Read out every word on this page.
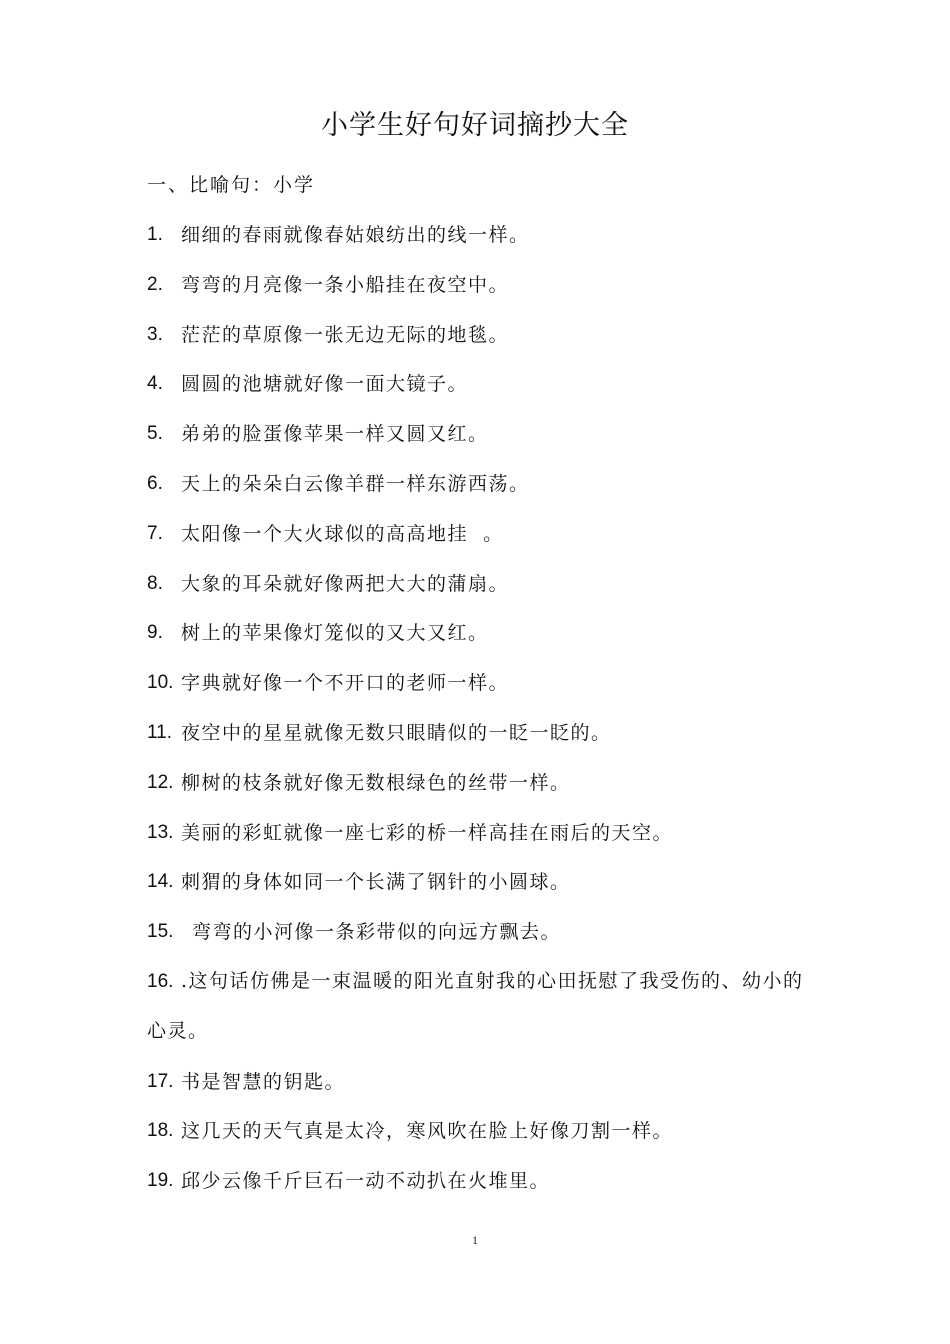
小学生好句好词摘抄大全
一、比喻句：小学
1. 细细的春雨就像春姑娘纺出的线一样。
2. 弯弯的月亮像一条小船挂在夜空中。
3. 茫茫的草原像一张无边无际的地毯。
4. 圆圆的池塘就好像一面大镜子。
5. 弟弟的脸蛋像苹果一样又圆又红。
6. 天上的朵朵白云像羊群一样东游西荡。
7. 太阳像一个大火球似的高高地挂  。
8. 大象的耳朵就好像两把大大的蒲扇。
9. 树上的苹果像灯笼似的又大又红。
10. 字典就好像一个不开口的老师一样。
11. 夜空中的星星就像无数只眼睛似的一眨一眨的。
12. 柳树的枝条就好像无数根绿色的丝带一样。
13. 美丽的彩虹就像一座七彩的桥一样高挂在雨后的天空。
14. 刺猬的身体如同一个长满了钢针的小圆球。
15. 弯弯的小河像一条彩带似的向远方飘去。
16. .这句话仿佛是一束温暖的阳光直射我的心田抚慰了我受伤的、幼小的心灵。
17. 书是智慧的钥匙。
18. 这几天的天气真是太冷，寒风吹在脸上好像刀割一样。
19. 邱少云像千斤巨石一动不动扒在火堆里。
1
